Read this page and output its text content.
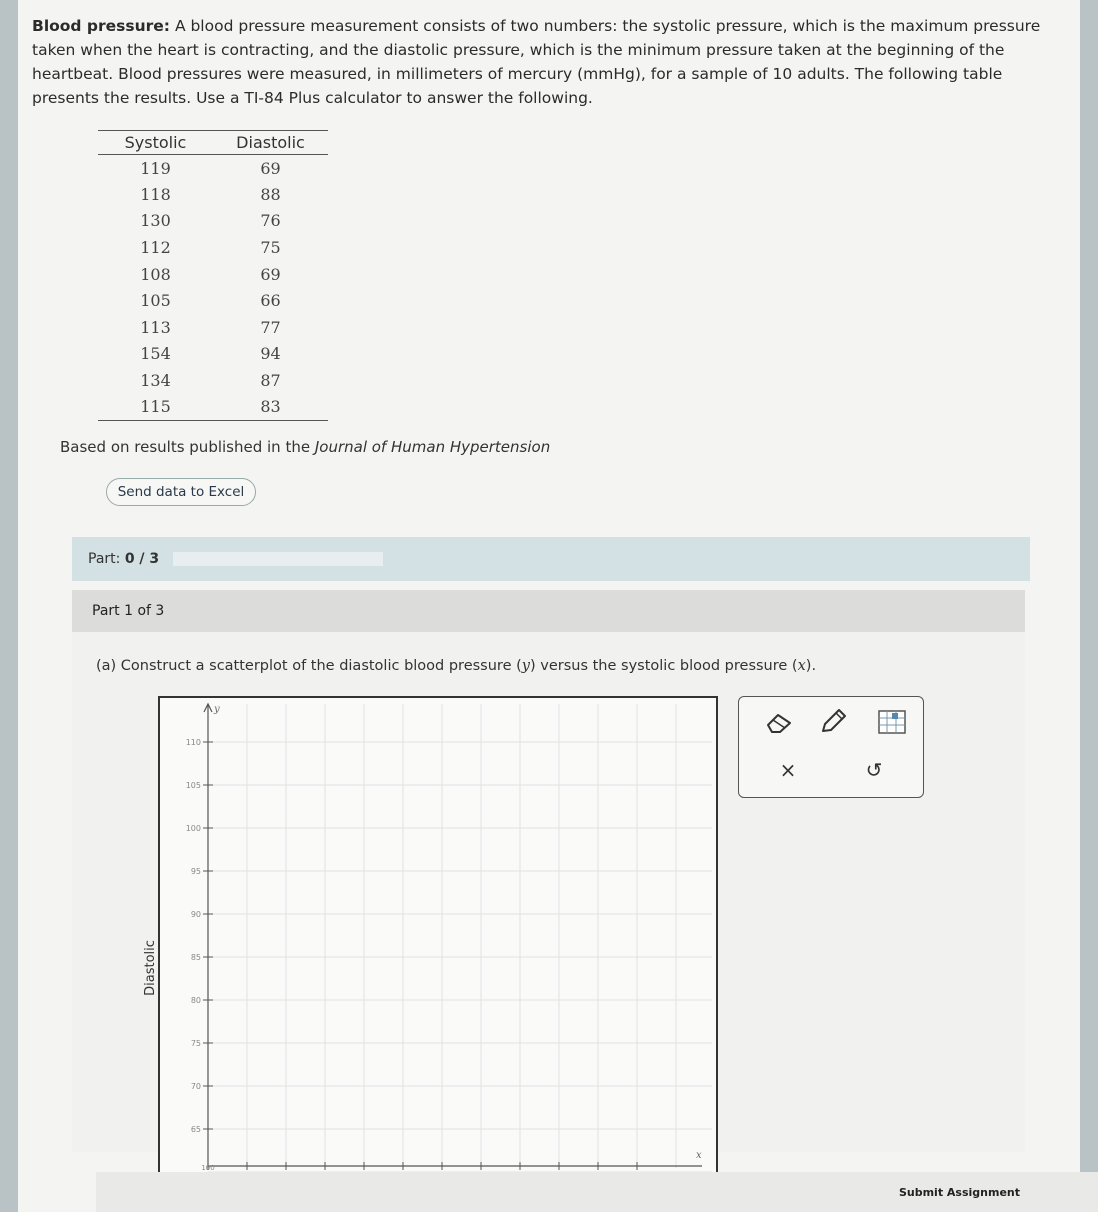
Blood pressure: A blood pressure measurement consists of two numbers: the systolic pressure, which is the maximum pressure taken when the heart is contracting, and the diastolic pressure, which is the minimum pressure taken at the beginning of the heartbeat. Blood pressures were measured, in millimeters of mercury (mmHg), for a sample of 10 adults. The following table presents the results. Use a TI-84 Plus calculator to answer the following.

Systolic	Diastolic
119	69
118	88
130	76
112	75
108	69
105	66
113	77
154	94
134	87
115	83
Based on results published in the Journal of Human Hypertension
Send data to Excel
Part: 0 / 3
Part 1 of 3
(a) Construct a scatterplot of the diastolic blood pressure (y) versus the systolic blood pressure (x).
y
x
110
105
100
95
90
85
80
75
70
65
100
Diastolic
×	↺
Submit Assignment
